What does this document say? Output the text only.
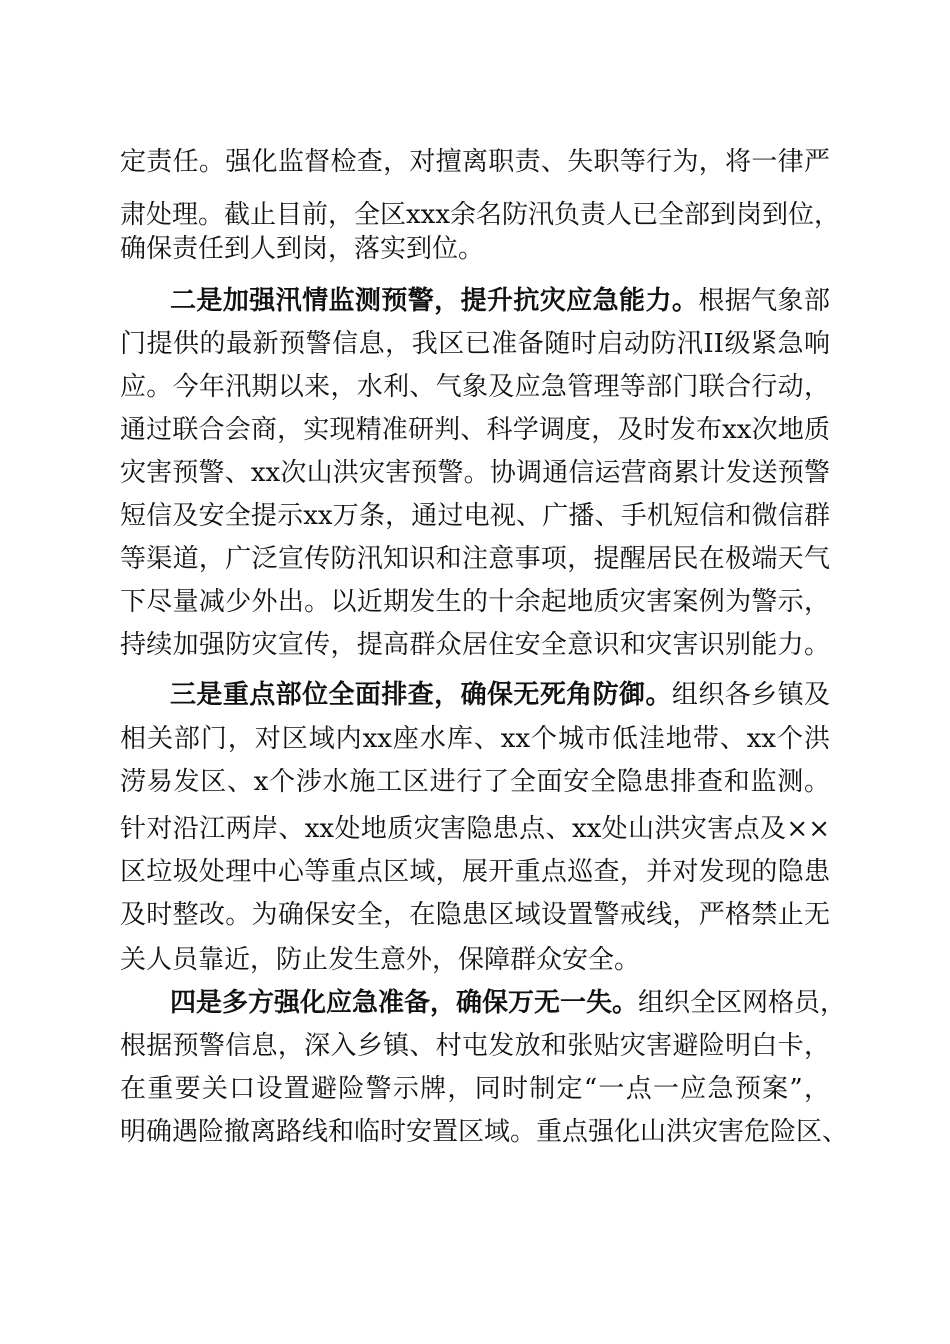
定责任。强化监督检查，对擅离职责、失职等行为，将一律严
肃处理。截止目前，全区xxx余名防汛负责人已全部到岗到位，
确保责任到人到岗，落实到位。
二是加强汛情监测预警，提升抗灾应急能力。根据气象部
门提供的最新预警信息，我区已准备随时启动防汛II级紧急响
应。今年汛期以来，水利、气象及应急管理等部门联合行动，
通过联合会商，实现精准研判、科学调度，及时发布xx次地质
灾害预警、xx次山洪灾害预警。协调通信运营商累计发送预警
短信及安全提示xx万条，通过电视、广播、手机短信和微信群
等渠道，广泛宣传防汛知识和注意事项，提醒居民在极端天气
下尽量减少外出。以近期发生的十余起地质灾害案例为警示，
持续加强防灾宣传，提高群众居住安全意识和灾害识别能力。
三是重点部位全面排查，确保无死角防御。组织各乡镇及
相关部门，对区域内xx座水库、xx个城市低洼地带、xx个洪
涝易发区、x个涉水施工区进行了全面安全隐患排查和监测。
针对沿江两岸、xx处地质灾害隐患点、xx处山洪灾害点及××
区垃圾处理中心等重点区域，展开重点巡查，并对发现的隐患
及时整改。为确保安全，在隐患区域设置警戒线，严格禁止无
关人员靠近，防止发生意外，保障群众安全。
四是多方强化应急准备，确保万无一失。组织全区网格员，
根据预警信息，深入乡镇、村屯发放和张贴灾害避险明白卡，
在重要关口设置避险警示牌，同时制定“一点一应急预案”，
明确遇险撤离路线和临时安置区域。重点强化山洪灾害危险区、
